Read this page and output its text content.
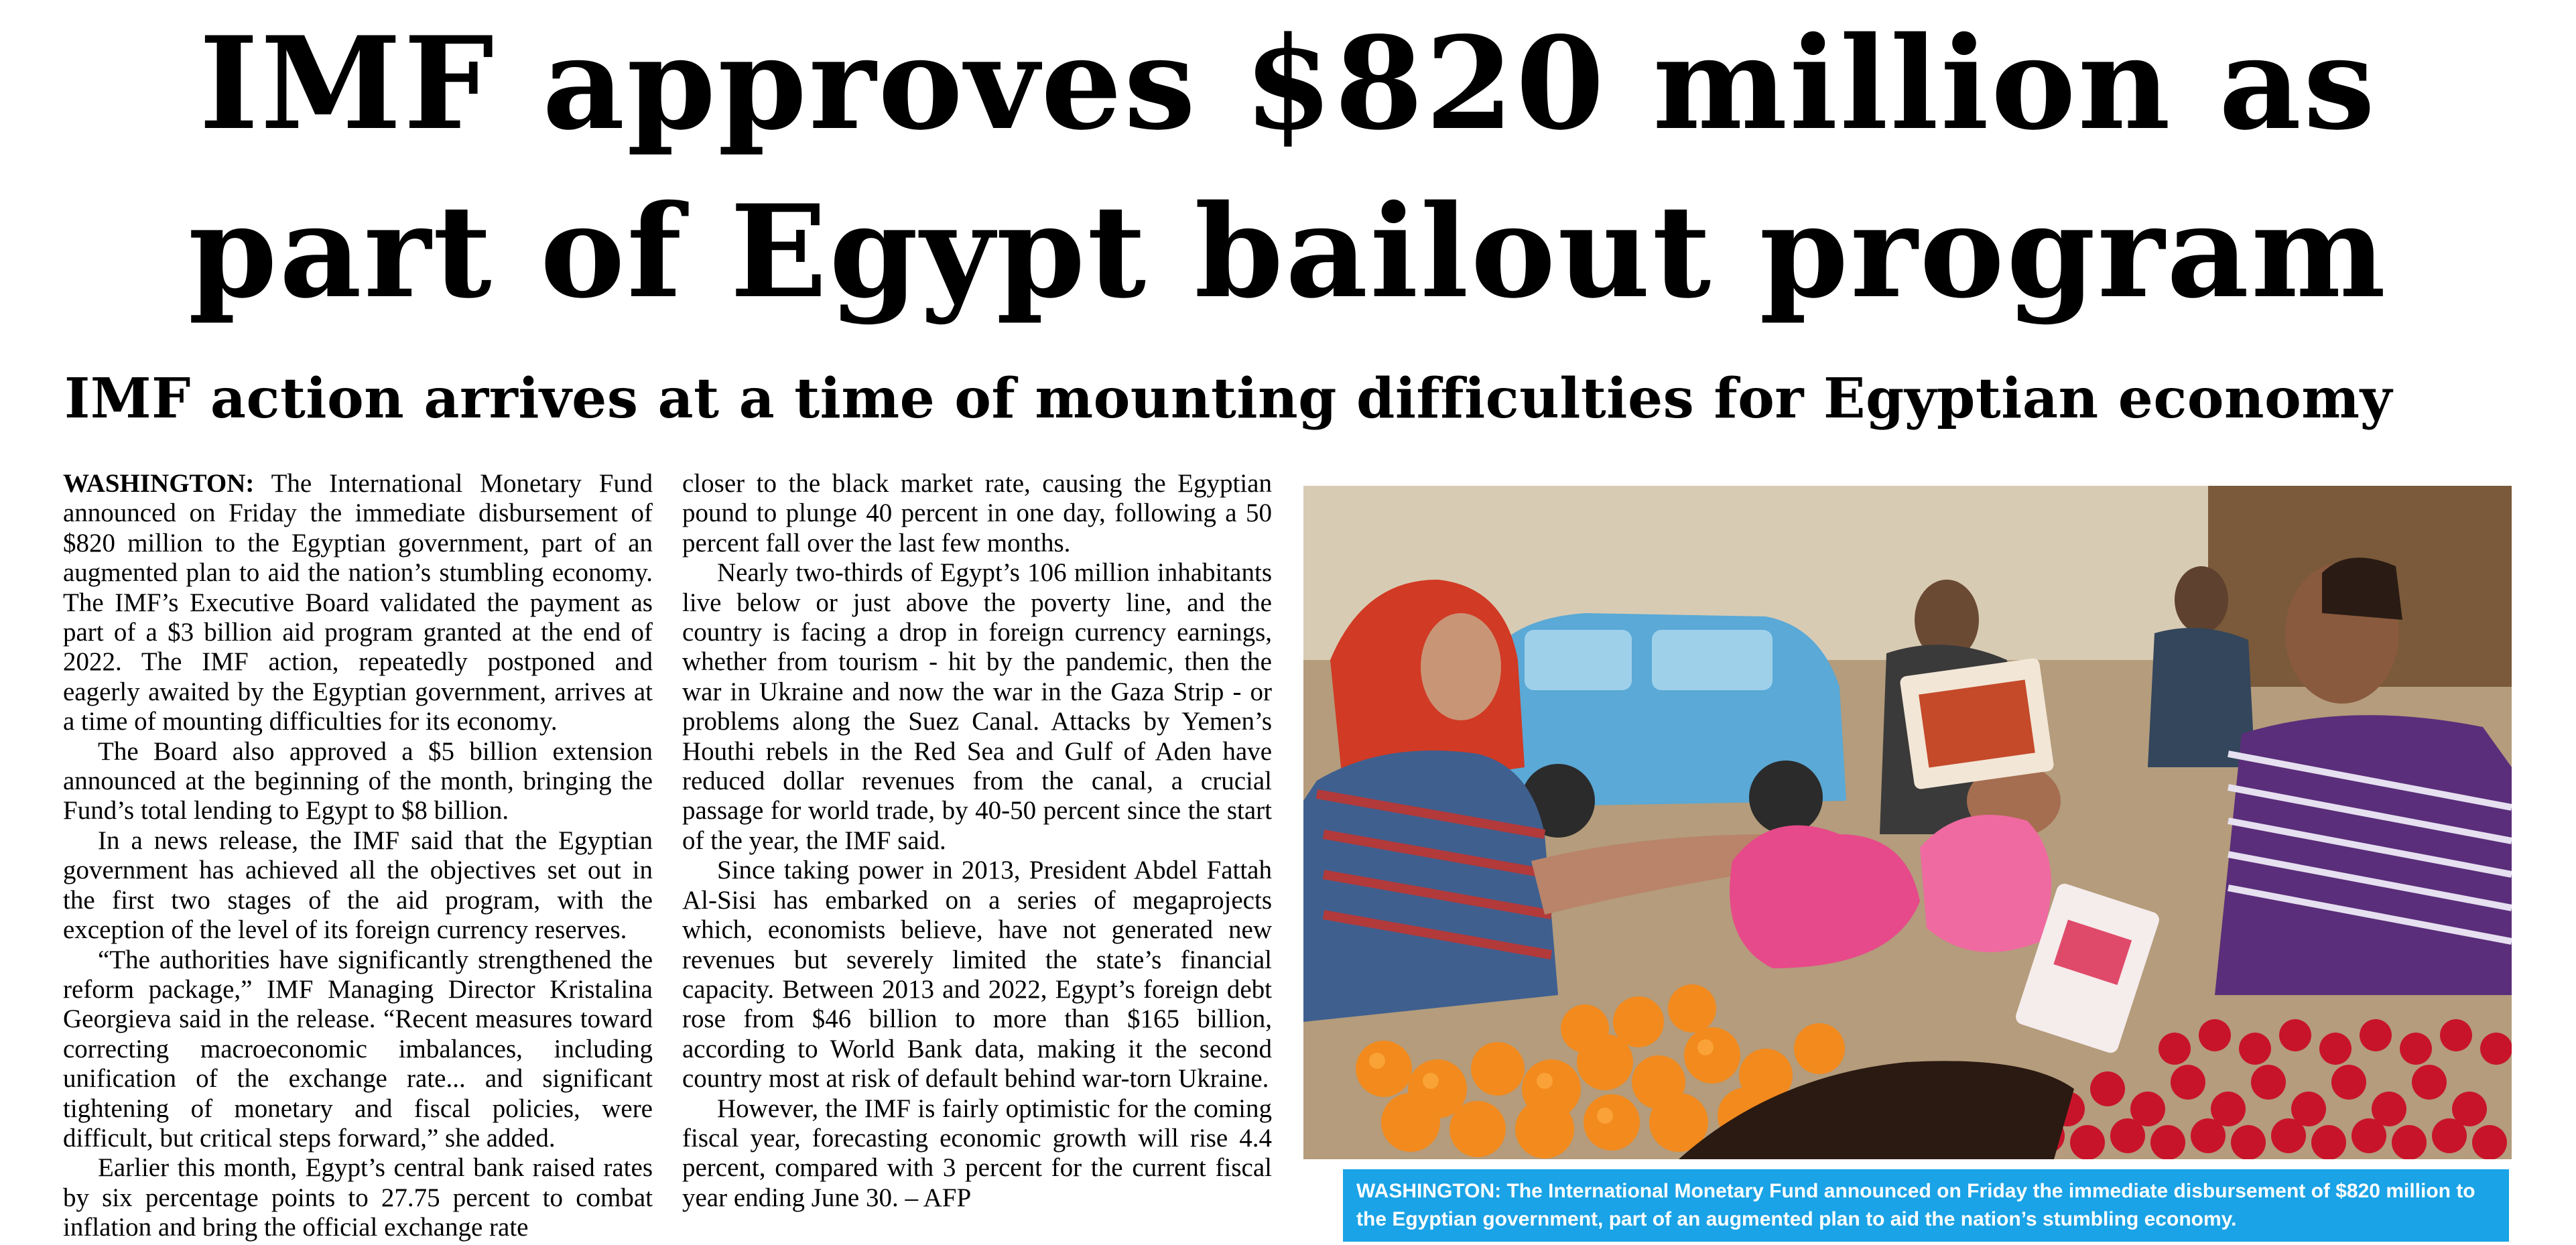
IMF approves $820 million as
part of Egypt bailout program
IMF action arrives at a time of mounting difficulties for Egyptian economy

WASHINGTON: The International Monetary Fund announced on Friday the immediate disbursement of $820 million to the Egyptian government, part of an augmented plan to aid the nation’s stumbling economy. The IMF’s Executive Board validated the payment as part of a $3 billion aid program granted at the end of 2022. The IMF action, repeatedly postponed and eagerly awaited by the Egyptian government, arrives at a time of mounting difficulties for its economy.

The Board also approved a $5 billion extension announced at the beginning of the month, bringing the Fund’s total lending to Egypt to $8 billion.

In a news release, the IMF said that the Egyptian government has achieved all the objectives set out in the first two stages of the aid program, with the exception of the level of its foreign currency reserves.

“The authorities have significantly strengthened the reform package,” IMF Managing Director Kristalina Georgieva said in the release. “Recent measures toward correcting macroeconomic imbalances, including unification of the exchange rate... and significant tightening of monetary and fiscal policies, were difficult, but critical steps forward,” she added.

Earlier this month, Egypt’s central bank raised rates by six percentage points to 27.75 percent to combat inflation and bring the official exchange rate

closer to the black market rate, causing the Egyptian pound to plunge 40 percent in one day, following a 50 percent fall over the last few months.

Nearly two-thirds of Egypt’s 106 million inhabitants live below or just above the poverty line, and the country is facing a drop in foreign currency earnings, whether from tourism - hit by the pandemic, then the war in Ukraine and now the war in the Gaza Strip - or problems along the Suez Canal. Attacks by Yemen’s Houthi rebels in the Red Sea and Gulf of Aden have reduced dollar revenues from the canal, a crucial passage for world trade, by 40-50 percent since the start of the year, the IMF said.

Since taking power in 2013, President Abdel Fattah Al-Sisi has embarked on a series of megaprojects which, economists believe, have not generated new revenues but severely limited the state’s financial capacity. Between 2013 and 2022, Egypt’s foreign debt rose from $46 billion to more than $165 billion, according to World Bank data, making it the second country most at risk of default behind war-torn Ukraine.

However, the IMF is fairly optimistic for the coming fiscal year, forecasting economic growth will rise 4.4 percent, compared with 3 percent for the current fiscal year ending June 30. – AFP	WASHINGTON: The International Monetary Fund announced on Friday the immediate disbursement of $820 million to the Egyptian government, part of an augmented plan to aid the nation’s stumbling economy.
